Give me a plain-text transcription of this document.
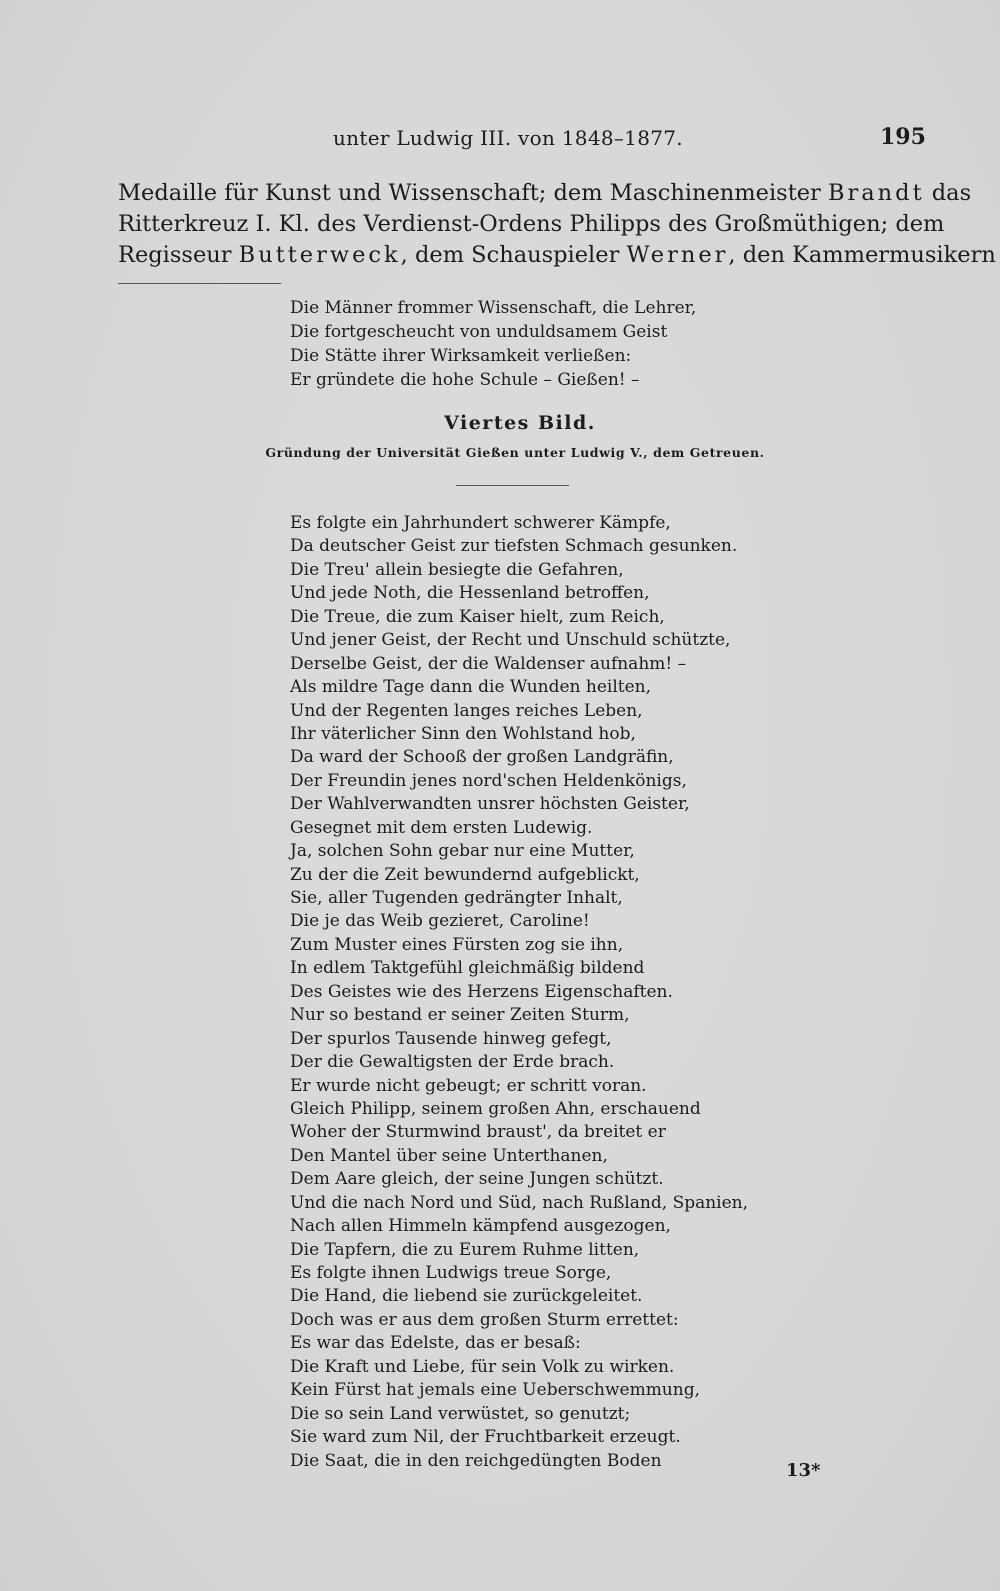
unter Ludwig III. von 1848–1877.	195
Medaille für Kunst und Wissenschaft; dem Maschinenmeister Brandt das
Ritterkreuz I. Kl. des Verdienst-Ordens Philipps des Großmüthigen; dem
Regisseur Butterweck, dem Schauspieler Werner, den Kammermusikern
Die Männer frommer Wissenschaft, die Lehrer,
Die fortgescheucht von unduldsamem Geist
Die Stätte ihrer Wirksamkeit verließen:
Er gründete die hohe Schule – Gießen! –
Viertes Bild.
Gründung der Universität Gießen unter Ludwig V., dem Getreuen.
Es folgte ein Jahrhundert schwerer Kämpfe,
Da deutscher Geist zur tiefsten Schmach gesunken.
Die Treu' allein besiegte die Gefahren,
Und jede Noth, die Hessenland betroffen,
Die Treue, die zum Kaiser hielt, zum Reich,
Und jener Geist, der Recht und Unschuld schützte,
Derselbe Geist, der die Waldenser aufnahm! –
Als mildre Tage dann die Wunden heilten,
Und der Regenten langes reiches Leben,
Ihr väterlicher Sinn den Wohlstand hob,
Da ward der Schooß der großen Landgräfin,
Der Freundin jenes nord'schen Heldenkönigs,
Der Wahlverwandten unsrer höchsten Geister,
Gesegnet mit dem ersten Ludewig.
Ja, solchen Sohn gebar nur eine Mutter,
Zu der die Zeit bewundernd aufgeblickt,
Sie, aller Tugenden gedrängter Inhalt,
Die je das Weib gezieret, Caroline!
Zum Muster eines Fürsten zog sie ihn,
In edlem Taktgefühl gleichmäßig bildend
Des Geistes wie des Herzens Eigenschaften.
Nur so bestand er seiner Zeiten Sturm,
Der spurlos Tausende hinweg gefegt,
Der die Gewaltigsten der Erde brach.
Er wurde nicht gebeugt; er schritt voran.
Gleich Philipp, seinem großen Ahn, erschauend
Woher der Sturmwind braust', da breitet er
Den Mantel über seine Unterthanen,
Dem Aare gleich, der seine Jungen schützt.
Und die nach Nord und Süd, nach Rußland, Spanien,
Nach allen Himmeln kämpfend ausgezogen,
Die Tapfern, die zu Eurem Ruhme litten,
Es folgte ihnen Ludwigs treue Sorge,
Die Hand, die liebend sie zurückgeleitet.
Doch was er aus dem großen Sturm errettet:
Es war das Edelste, das er besaß:
Die Kraft und Liebe, für sein Volk zu wirken.
Kein Fürst hat jemals eine Ueberschwemmung,
Die so sein Land verwüstet, so genutzt;
Sie ward zum Nil, der Fruchtbarkeit erzeugt.
Die Saat, die in den reichgedüngten Boden	13*
